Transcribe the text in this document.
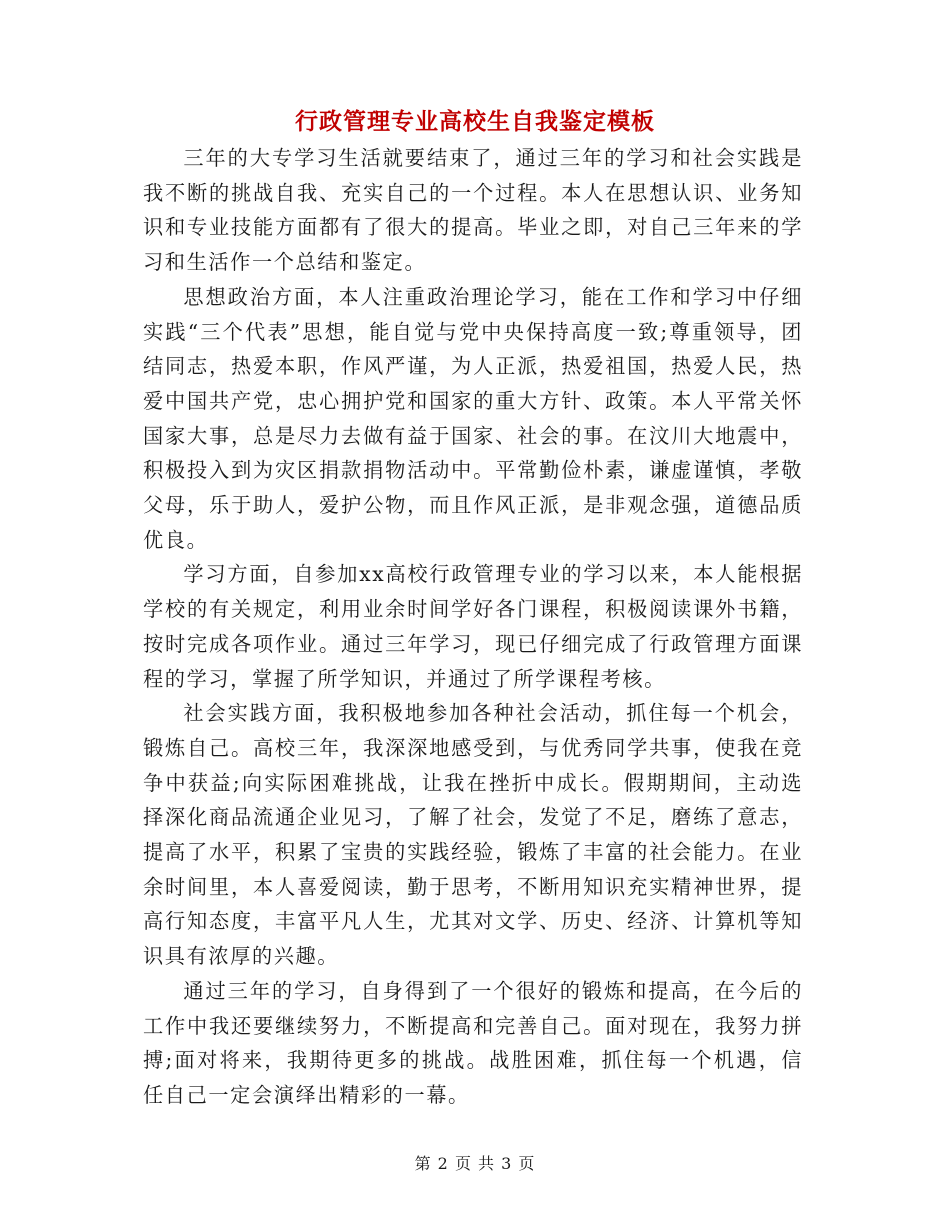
行政管理专业高校生自我鉴定模板

三年的大专学习生活就要结束了，通过三年的学习和社会实践是我不断的挑战自我、充实自己的一个过程。本人在思想认识、业务知识和专业技能方面都有了很大的提高。毕业之即，对自己三年来的学习和生活作一个总结和鉴定。

思想政治方面，本人注重政治理论学习，能在工作和学习中仔细实践“三个代表”思想，能自觉与党中央保持高度一致;尊重领导，团结同志，热爱本职，作风严谨，为人正派，热爱祖国，热爱人民，热爱中国共产党，忠心拥护党和国家的重大方针、政策。本人平常关怀国家大事，总是尽力去做有益于国家、社会的事。在汶川大地震中，积极投入到为灾区捐款捐物活动中。平常勤俭朴素，谦虚谨慎，孝敬父母，乐于助人，爱护公物，而且作风正派，是非观念强，道德品质优良。

学习方面，自参加xx高校行政管理专业的学习以来，本人能根据学校的有关规定，利用业余时间学好各门课程，积极阅读课外书籍，按时完成各项作业。通过三年学习，现已仔细完成了行政管理方面课程的学习，掌握了所学知识，并通过了所学课程考核。

社会实践方面，我积极地参加各种社会活动，抓住每一个机会，锻炼自己。高校三年，我深深地感受到，与优秀同学共事，使我在竞争中获益;向实际困难挑战，让我在挫折中成长。假期期间，主动选择深化商品流通企业见习，了解了社会，发觉了不足，磨练了意志，提高了水平，积累了宝贵的实践经验，锻炼了丰富的社会能力。在业余时间里，本人喜爱阅读，勤于思考，不断用知识充实精神世界，提高行知态度，丰富平凡人生，尤其对文学、历史、经济、计算机等知识具有浓厚的兴趣。

通过三年的学习，自身得到了一个很好的锻炼和提高，在今后的工作中我还要继续努力，不断提高和完善自己。面对现在，我努力拼搏;面对将来，我期待更多的挑战。战胜困难，抓住每一个机遇，信任自己一定会演绎出精彩的一幕。

第 2 页 共 3 页
